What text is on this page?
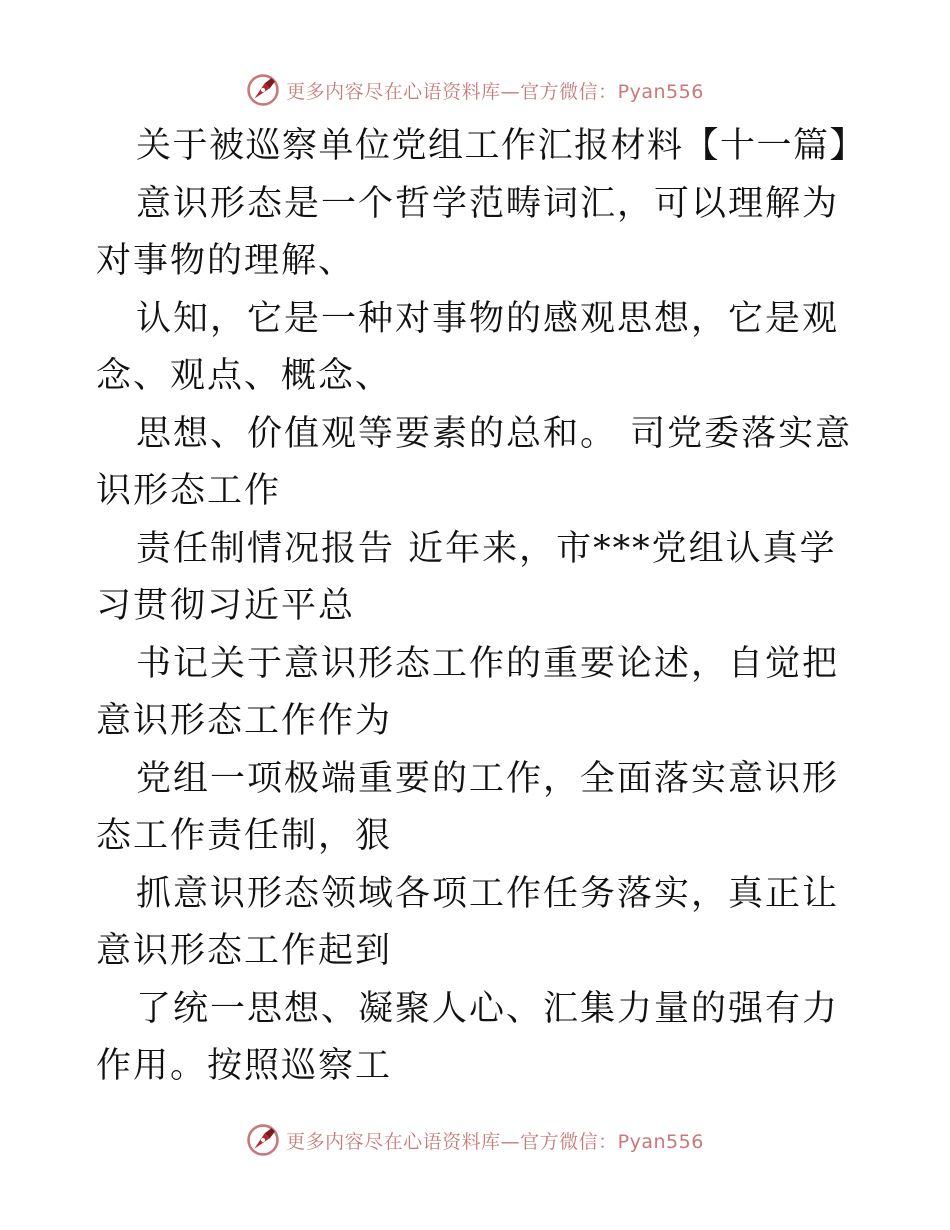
更多内容尽在心语资料库—官方微信：Pyan556

关于被巡察单位党组工作汇报材料【十一篇】

意识形态是一个哲学范畴词汇，可以理解为对事物的理解、

认知，它是一种对事物的感观思想，它是观念、观点、概念、

思想、价值观等要素的总和。 司党委落实意识形态工作

责任制情况报告 近年来，市***党组认真学习贯彻习近平总

书记关于意识形态工作的重要论述，自觉把意识形态工作作为

党组一项极端重要的工作，全面落实意识形态工作责任制，狠

抓意识形态领域各项工作任务落实，真正让意识形态工作起到

了统一思想、凝聚人心、汇集力量的强有力作用。按照巡察工

更多内容尽在心语资料库—官方微信：Pyan556
